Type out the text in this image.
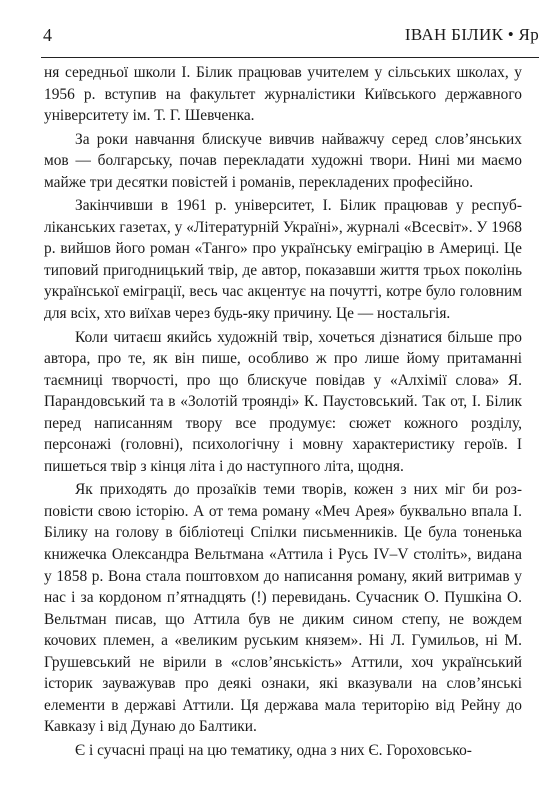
4	ІВАН БІЛИК • Яр

ня середньої школи І. Білик працював учителем у сільських школах, у 1956 р. вступив на факультет журналістики Київського державного університету ім. Т. Г. Шевченка.

За роки навчання блискуче вивчив найважчу серед слов’янських мов — болгарську, почав перекладати художні твори. Нині ми маємо майже три десятки повістей і романів, перекладених професійно.

Закінчивши в 1961 р. університет, І. Білик працював у республіканських газетах, у «Літературній Україні», журналі «Всесвіт». У 1968 р. вийшов його роман «Танго» про українську еміграцію в Америці. Це типовий пригодницький твір, де автор, показавши життя трьох поколінь української еміграції, весь час акцентує на почутті, котре було головним для всіх, хто виїхав через будь-яку причину. Це — ностальгія.

Коли читаєш якийсь художній твір, хочеться дізнатися більше про автора, про те, як він пише, особливо ж про лише йому притаманні таємниці творчості, про що блискуче повідав у «Алхімії слова» Я. Парандовський та в «Золотій троянді» К. Паустовський. Так от, І. Білик перед написанням твору все продумує: сюжет кожного розділу, персонажі (головні), психологічну і мовну характеристику героїв. І пишеться твір з кінця літа і до наступного літа, щодня.

Як приходять до прозаїків теми творів, кожен з них міг би розповісти свою історію. А от тема роману «Меч Арея» буквально впала І. Білику на голову в бібліотеці Спілки письменників. Це була тоненька книжечка Олександра Вельтмана «Аттила і Русь IV–V століть», видана у 1858 р. Вона стала поштовхом до написання роману, який витримав у нас і за кордоном п’ятнадцять (!) перевидань. Сучасник О. Пушкіна О. Вельтман писав, що Аттила був не диким сином степу, не вождем кочових племен, а «великим руським князем». Ні Л. Гумильов, ні М. Грушевський не вірили в «слов’янськість» Аттили, хоч український історик зауважував про деякі ознаки, які вказували на слов’янські елементи в державі Аттили. Ця держава мала територію від Рейну до Кавказу і від Дунаю до Балтики.

Є і сучасні праці на цю тематику, одна з них Є. Гороховсько-
